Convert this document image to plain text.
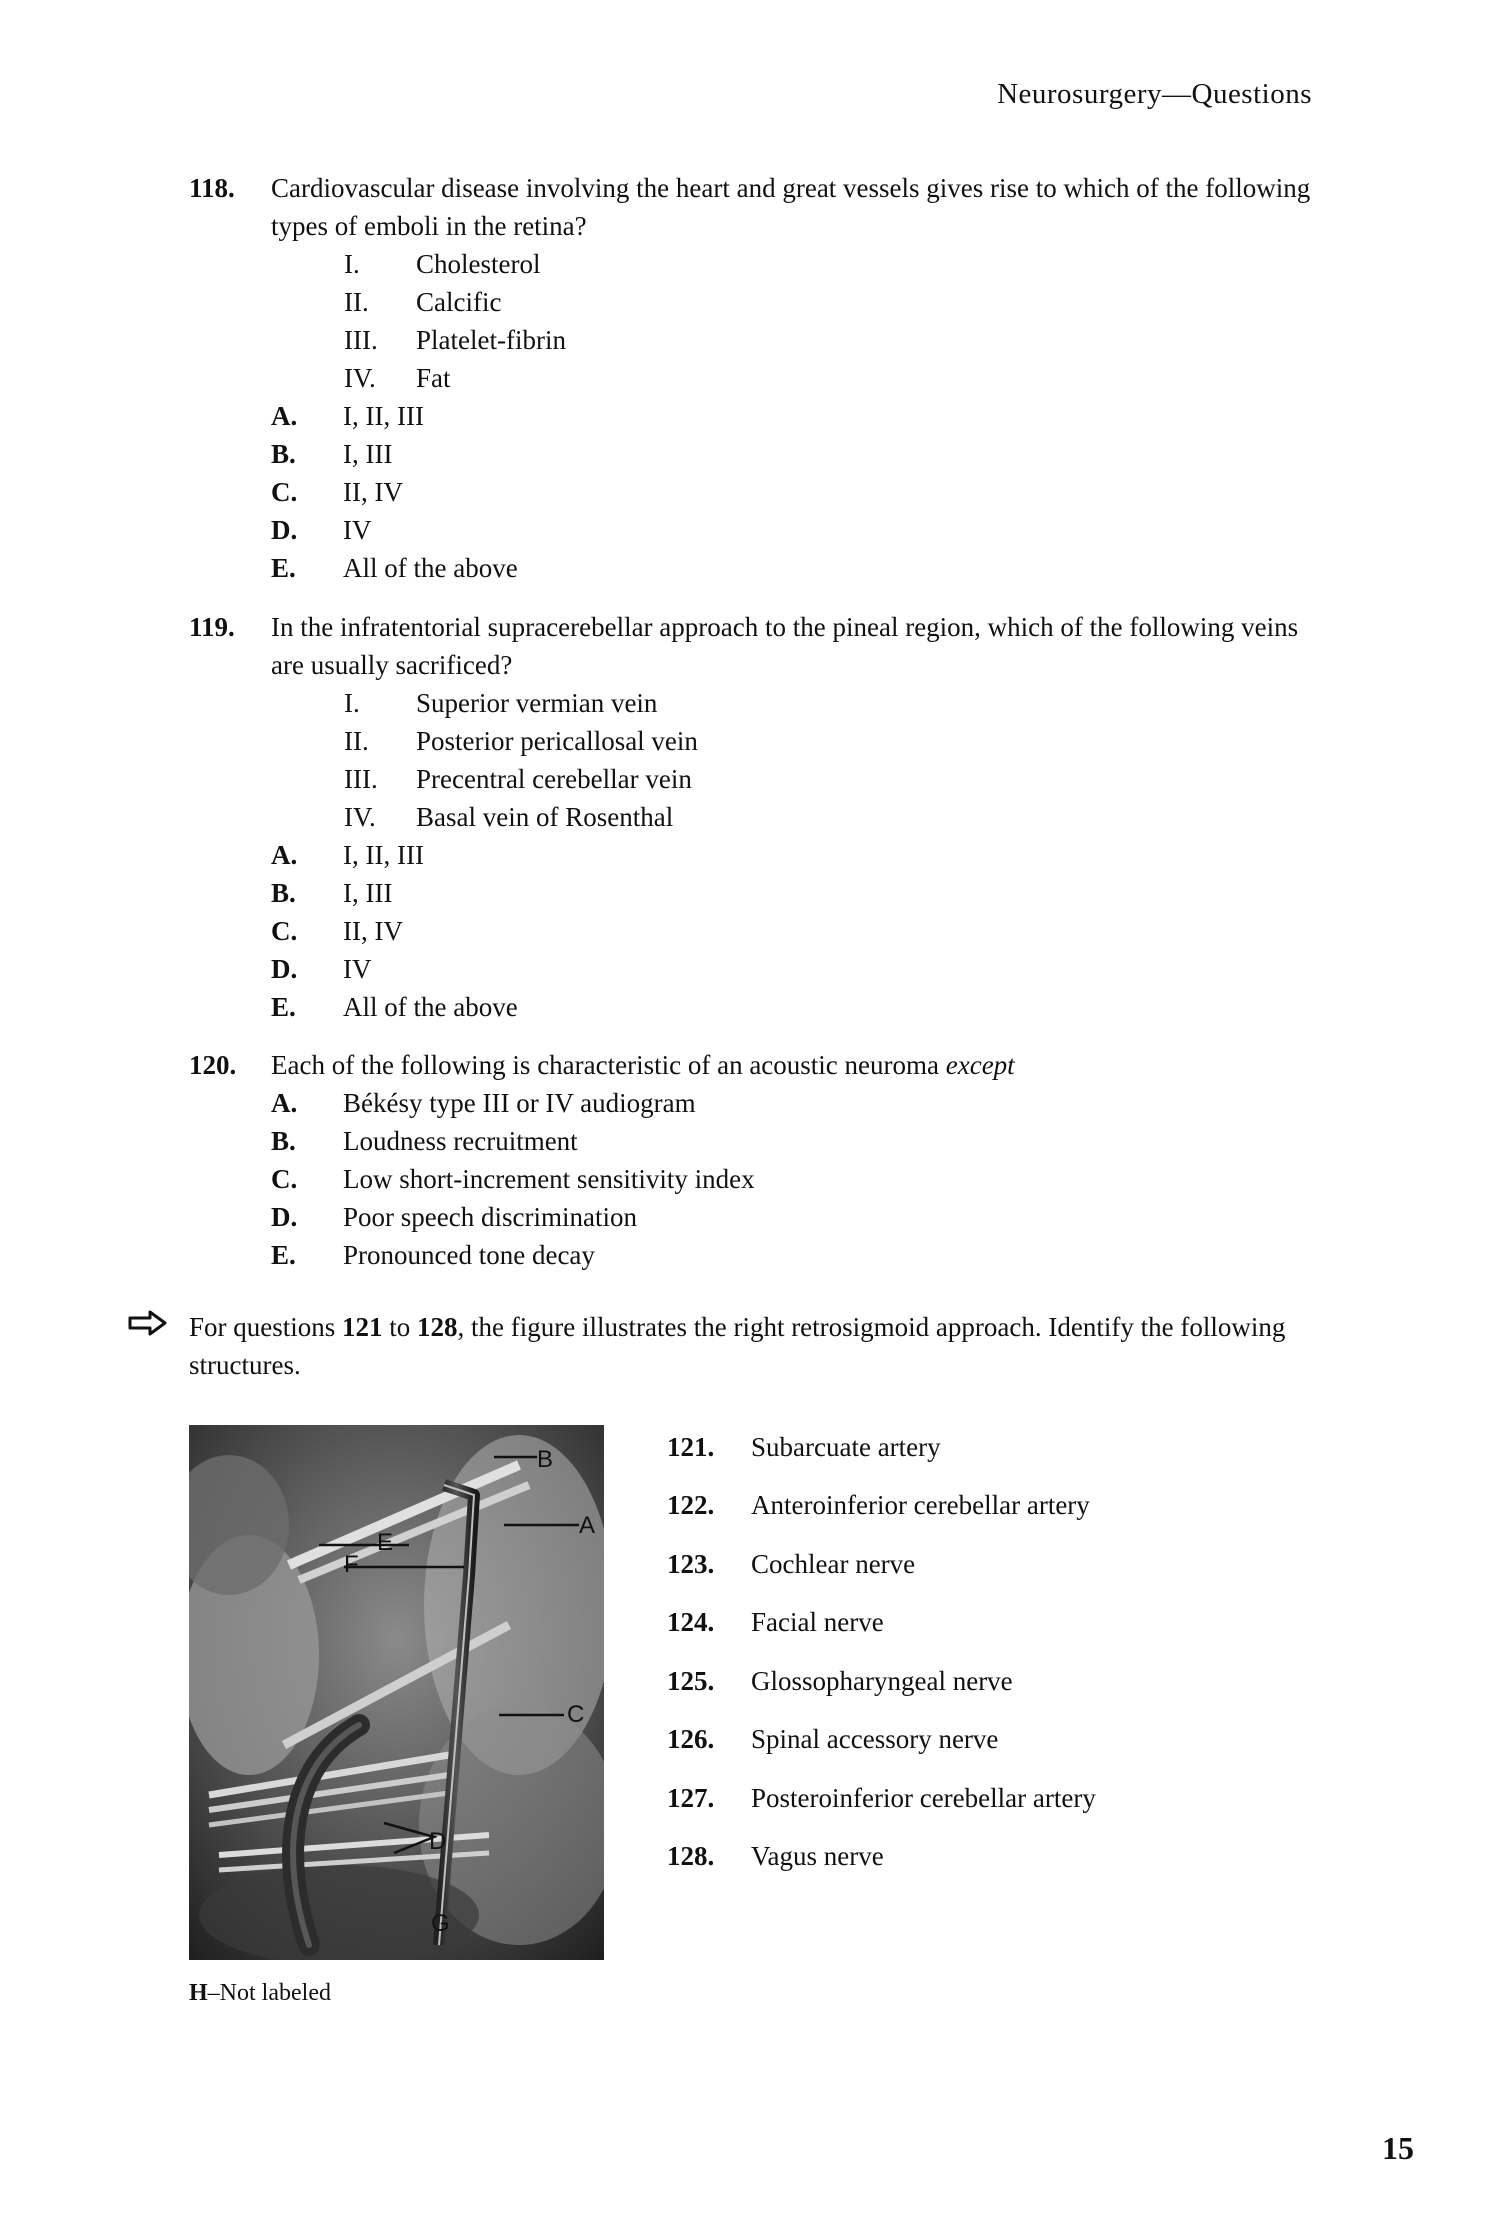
Neurosurgery—Questions
118.	Cardiovascular disease involving the heart and great vessels gives rise to which of the following types of emboli in the retina?
I.	Cholesterol
II.	Calcific
III.	Platelet-fibrin
IV.	Fat
A.	I, II, III
B.	I, III
C.	II, IV
D.	IV
E.	All of the above
119.	In the infratentorial supracerebellar approach to the pineal region, which of the following veins are usually sacrificed?
I.	Superior vermian vein
II.	Posterior pericallosal vein
III.	Precentral cerebellar vein
IV.	Basal vein of Rosenthal
A.	I, II, III
B.	I, III
C.	II, IV
D.	IV
E.	All of the above
120.	Each of the following is characteristic of an acoustic neuroma except
A.	Békésy type III or IV audiogram
B.	Loudness recruitment
C.	Low short-increment sensitivity index
D.	Poor speech discrimination
E.	Pronounced tone decay
For questions 121 to 128, the figure illustrates the right retrosigmoid approach. Identify the following structures.
B
A
E
F
C
D
G
H–Not labeled
121.	Subarcuate artery
122.	Anteroinferior cerebellar artery
123.	Cochlear nerve
124.	Facial nerve
125.	Glossopharyngeal nerve
126.	Spinal accessory nerve
127.	Posteroinferior cerebellar artery
128.	Vagus nerve
15
